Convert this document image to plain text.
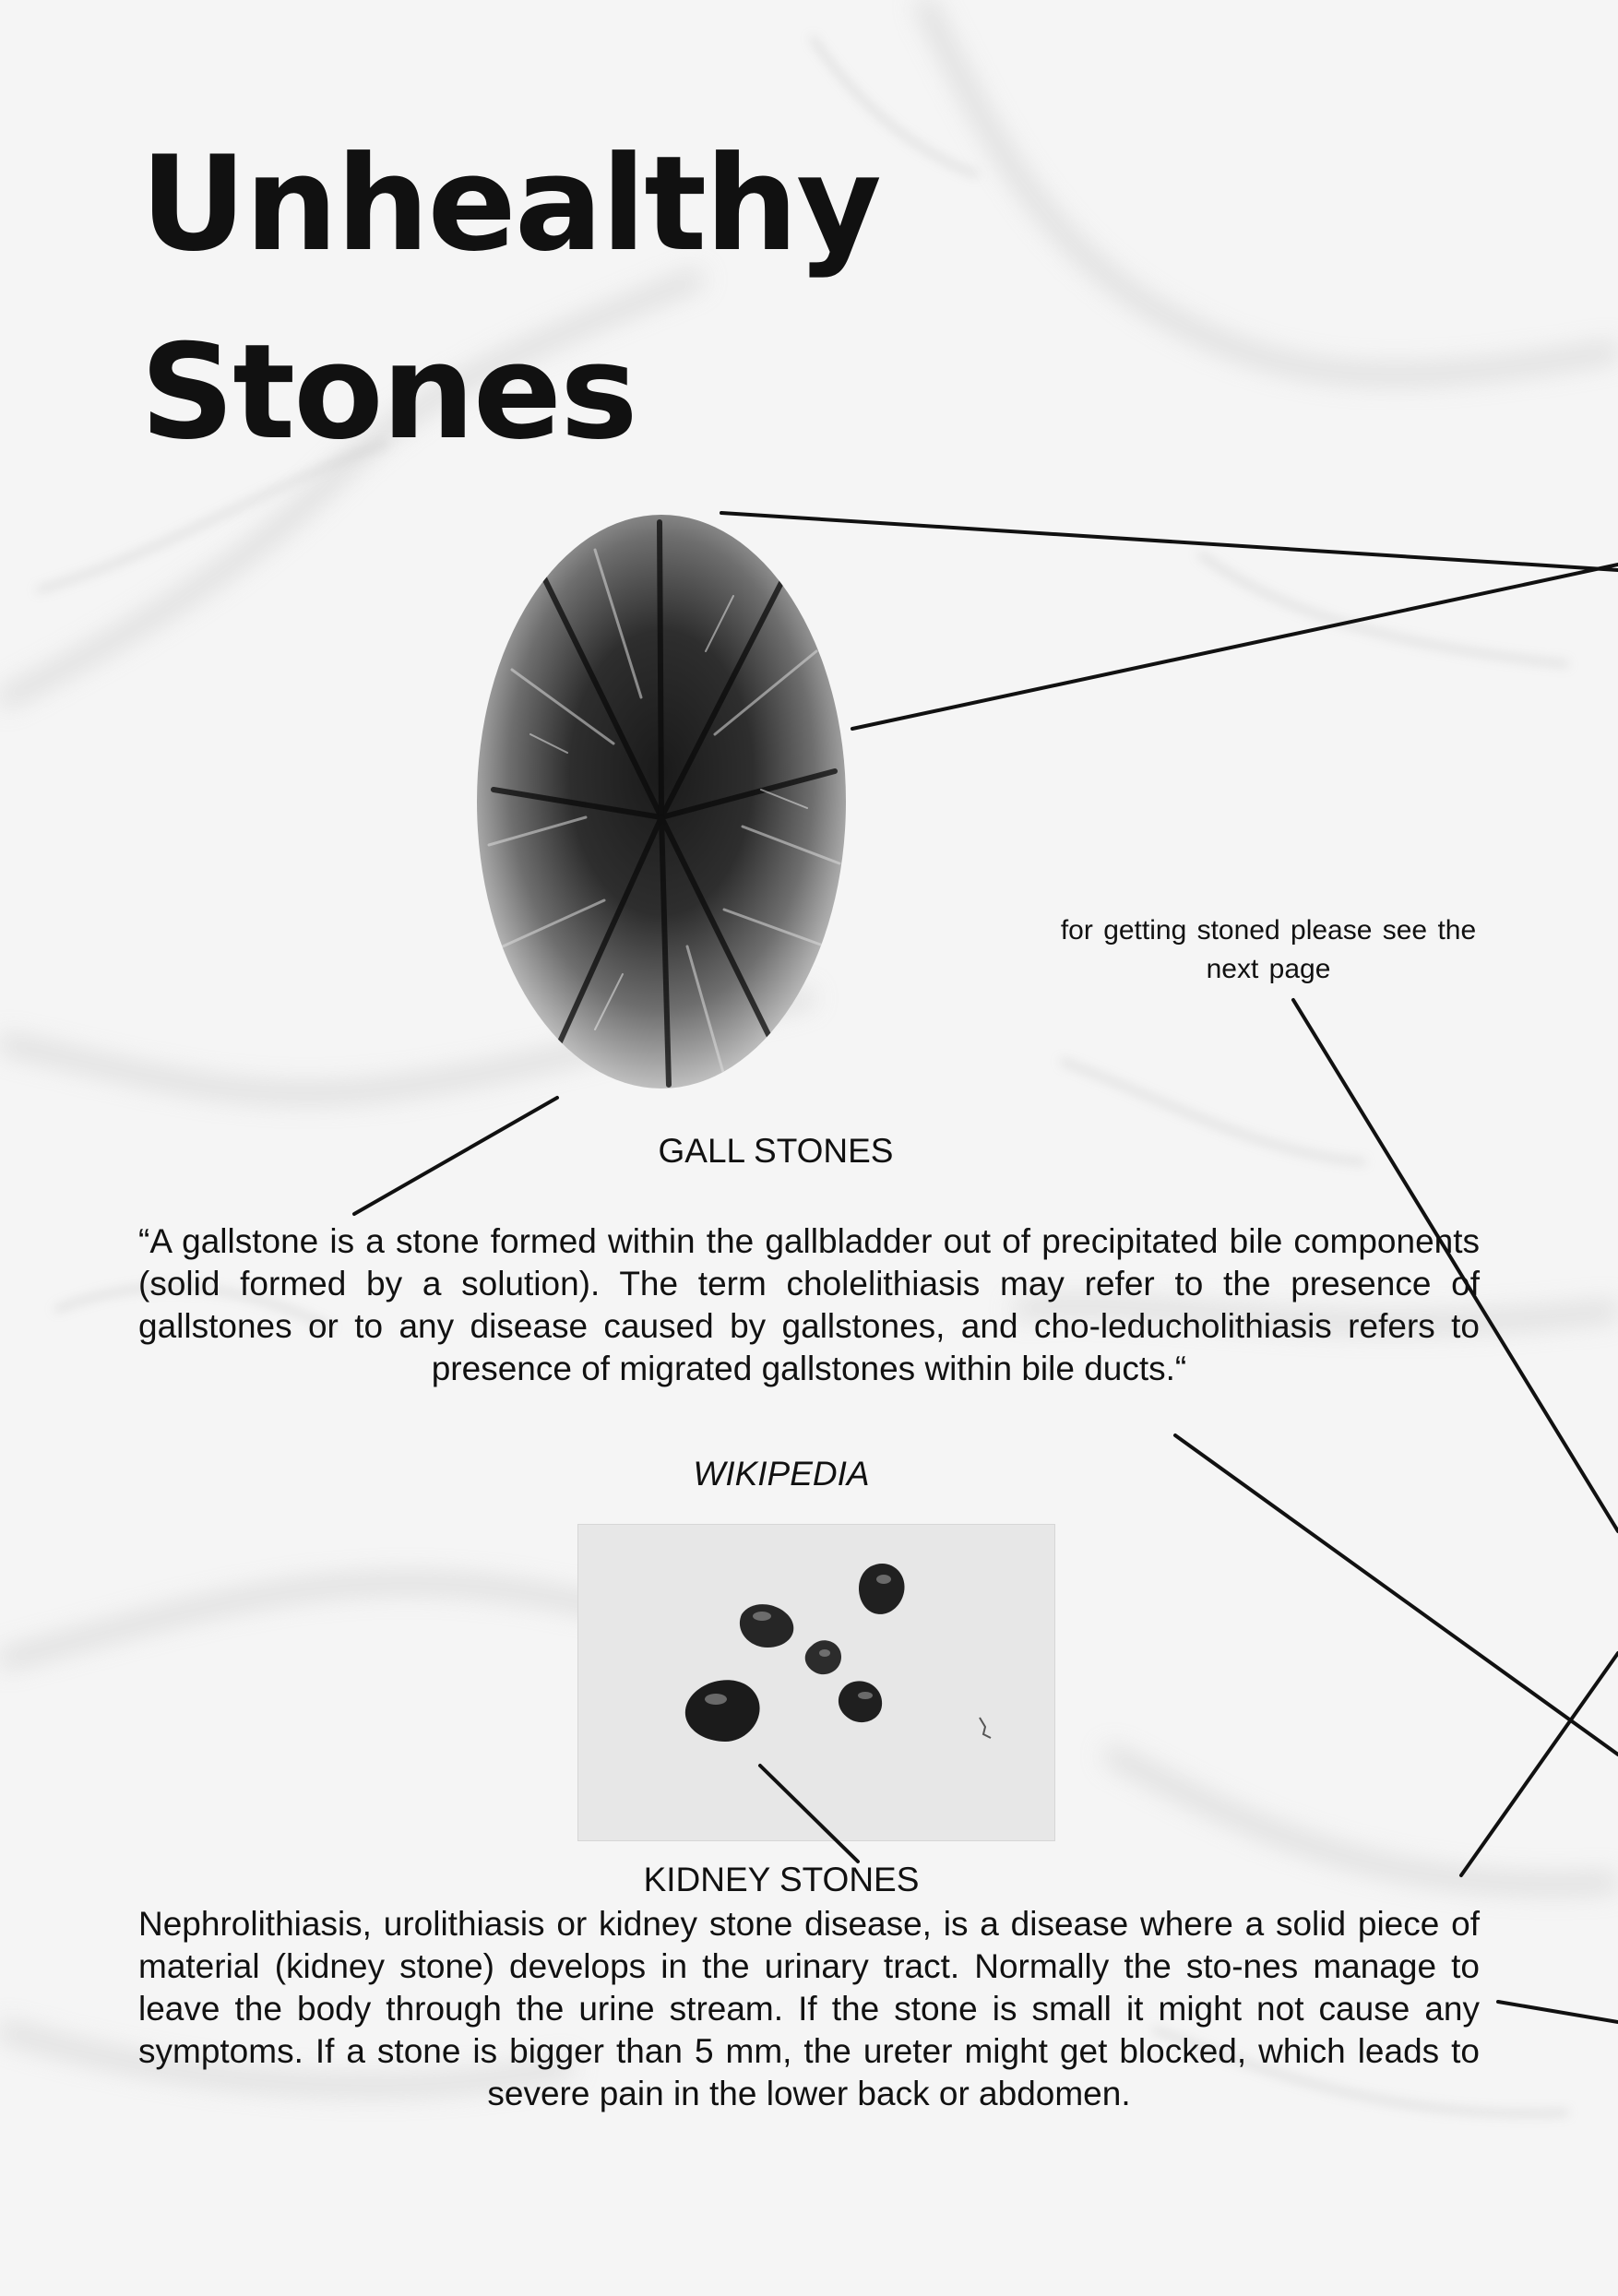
Unhealthy
Stones
for getting stoned please see the next page
GALL STONES
“A gallstone is a stone formed within the gallbladder out of precipitated bile components (solid formed by a solution). The term cholelithiasis may refer to the presence of gallstones or to any disease caused by gallstones, and cho-leducholithiasis refers to presence of migrated gallstones within bile ducts.“
WIKIPEDIA
KIDNEY STONES
Nephrolithiasis, urolithiasis or kidney stone disease, is a disease where a solid piece of material (kidney stone) develops in the urinary tract. Normally the sto-nes manage to leave the body through the urine stream. If the stone is small it might not cause any symptoms. If a stone is bigger than 5 mm, the ureter might get blocked, which leads to severe pain in the lower back or abdomen.
